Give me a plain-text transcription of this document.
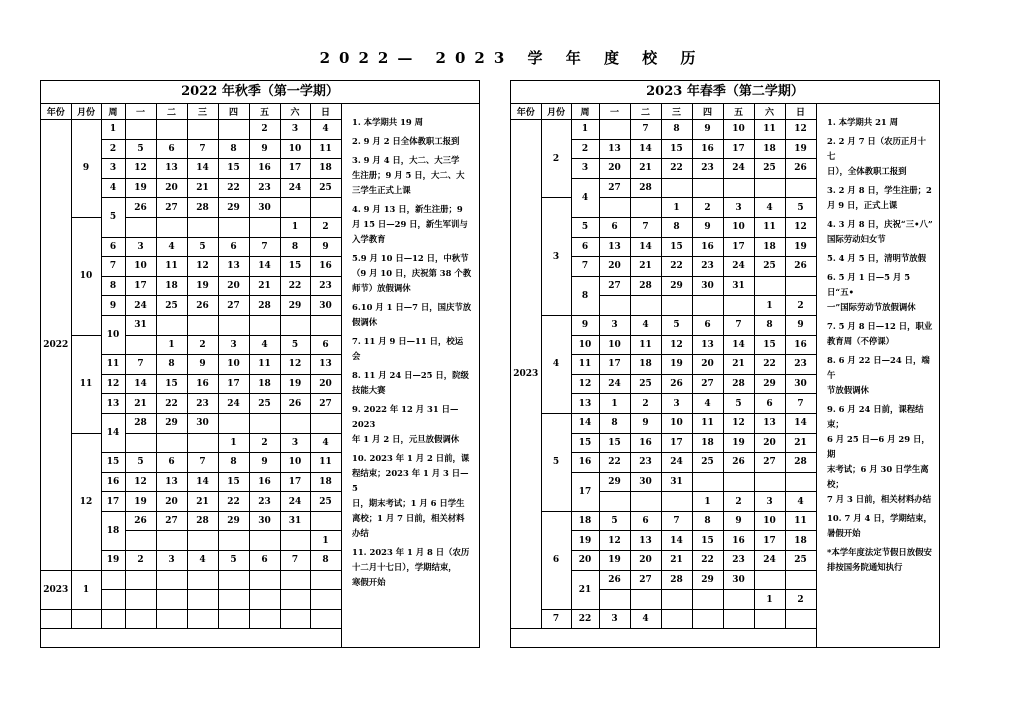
2022— 2023 学 年 度 校 历
2022 年秋季（第一学期）
年份	月份	周	一	二	三	四	五	六	日
2022	9	1					2	3	4
		2	5	6	7	8	9	10	11
		3	12	13	14	15	16	17	18
		4	19	20	21	22	23	24	25
		5	26	27	28	29	30		
	10							1	2
		6	3	4	5	6	7	8	9
		7	10	11	12	13	14	15	16
		8	17	18	19	20	21	22	23
		9	24	25	26	27	28	29	30
		10	31						
	11			1	2	3	4	5	6
		11	7	8	9	10	11	12	13
		12	14	15	16	17	18	19	20
		13	21	22	23	24	25	26	27
		14	28	29	30				
	12					1	2	3	4
		15	5	6	7	8	9	10	11
		16	12	13	14	15	16	17	18
		17	19	20	21	22	23	24	25
		18	26	27	28	29	30	31	
									1
		19	2	3	4	5	6	7	8
2023	1								

1. 本学期共 19 周

2. 9 月 2 日全体教职工报到

3. 9 月 4 日，大二、大三学
生注册；9 月 5 日，大二、大
三学生正式上课

4. 9 月 13 日，新生注册；9
月 15 日—29 日，新生军训与
入学教育

5.9 月 10 日—12 日，中秋节
（9 月 10 日，庆祝第 38 个教
师节）放假调休

6.10 月 1 日—7 日，国庆节放
假调休

7. 11 月 9 日—11 日，校运
会

8. 11 月 24 日—25 日，院级
技能大赛

9. 2022 年 12 月 31 日—2023
年 1 月 2 日，元旦放假调休

10. 2023 年 1 月 2 日前，课
程结束；2023 年 1 月 3 日—5
日，期末考试；1 月 6 日学生
离校；1 月 7 日前，相关材料
办结

11. 2023 年 1 月 8 日（农历
十二月十七日），学期结束，
寒假开始

2023 年春季（第二学期）
年份	月份	周	一	二	三	四	五	六	日
2023	2	1		7	8	9	10	11	12
		2	13	14	15	16	17	18	19
		3	20	21	22	23	24	25	26
		4	27	28					
	3				1	2	3	4	5
		5	6	7	8	9	10	11	12
		6	13	14	15	16	17	18	19
		7	20	21	22	23	24	25	26
		8	27	28	29	30	31		
								1	2
	4	9	3	4	5	6	7	8	9
		10	10	11	12	13	14	15	16
		11	17	18	19	20	21	22	23
		12	24	25	26	27	28	29	30
		13	1	2	3	4	5	6	7
	5	14	8	9	10	11	12	13	14
		15	15	16	17	18	19	20	21
		16	22	23	24	25	26	27	28
		17	29	30	31				
						1	2	3	4
	6	18	5	6	7	8	9	10	11
		19	12	13	14	15	16	17	18
		20	19	20	21	22	23	24	25
		21	26	27	28	29	30		
								1	2
	7	22	3	4					

1. 本学期共 21 周

2. 2 月 7 日（农历正月十七
日），全体教职工报到

3. 2 月 8 日，学生注册；2
月 9 日，正式上课

4. 3 月 8 日，庆祝“三•八”
国际劳动妇女节

5. 4 月 5 日，清明节放假

6. 5 月 1 日—5 月 5 日“五•
一”国际劳动节放假调休

7. 5 月 8 日—12 日，职业
教育周（不停课）

8. 6 月 22 日—24 日，端午
节放假调休

9. 6 月 24 日前，课程结束；
6 月 25 日—6 月 29 日，期
末考试；6 月 30 日学生离校；
7 月 3 日前，相关材料办结

10. 7 月 4 日，学期结束，
暑假开始

*本学年度法定节假日放假安
排按国务院通知执行
